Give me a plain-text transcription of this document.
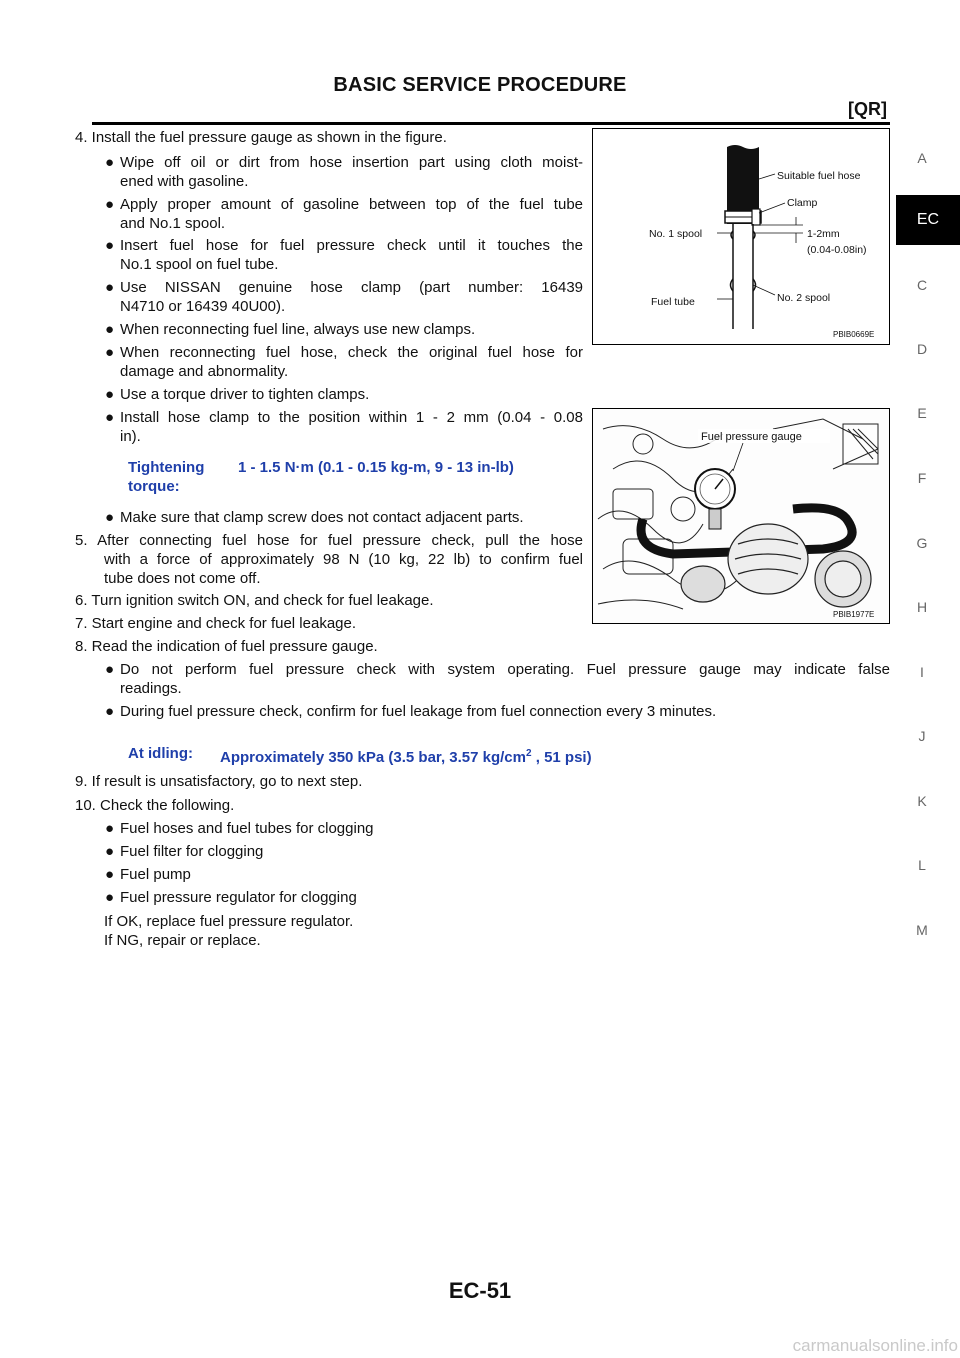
BASIC SERVICE PROCEDURE
[QR]
A
EC
C
D
E
F
G
H
I
J
K
L
M
4. Install the fuel pressure gauge as shown in the figure.
● Wipe off oil or dirt from hose insertion part using cloth moist-
ened with gasoline.
● Apply proper amount of gasoline between top of the fuel tube
and No.1 spool.
● Insert fuel hose for fuel pressure check until it touches the
No.1 spool on fuel tube.
● Use NISSAN genuine hose clamp (part number: 16439
N4710 or 16439 40U00).
● When reconnecting fuel line, always use new clamps.
● When reconnecting fuel hose, check the original fuel hose for
damage and abnormality.
● Use a torque driver to tighten clamps.
● Install hose clamp to the position within 1 - 2 mm (0.04 - 0.08
in).
Tightening
torque:
1 - 1.5 N·m (0.1 - 0.15 kg-m, 9 - 13 in-lb)
● Make sure that clamp screw does not contact adjacent parts.
5. After connecting fuel hose for fuel pressure check, pull the hose
with a force of approximately 98 N (10 kg, 22 lb) to confirm fuel
tube does not come off.
6. Turn ignition switch ON, and check for fuel leakage.
7. Start engine and check for fuel leakage.
8. Read the indication of fuel pressure gauge.
● Do not perform fuel pressure check with system operating. Fuel pressure gauge may indicate false
readings.
● During fuel pressure check, confirm for fuel leakage from fuel connection every 3 minutes.
At idling: Approximately 350 kPa (3.5 bar, 3.57 $kg/cm^2$ , 51 psi)
9. If result is unsatisfactory, go to next step.
10. Check the following.
● Fuel hoses and fuel tubes for clogging
● Fuel filter for clogging
● Fuel pump
● Fuel pressure regulator for clogging
If OK, replace fuel pressure regulator.
If NG, repair or replace.
Suitable fuel hose
Clamp
No. 1 spool	1-2mm
(0.04-0.08in)
Fuel tube	No. 2 spool
PBIB0669E
Fuel pressure gauge
PBIB1977E
EC-51
carmanualsonline.info
